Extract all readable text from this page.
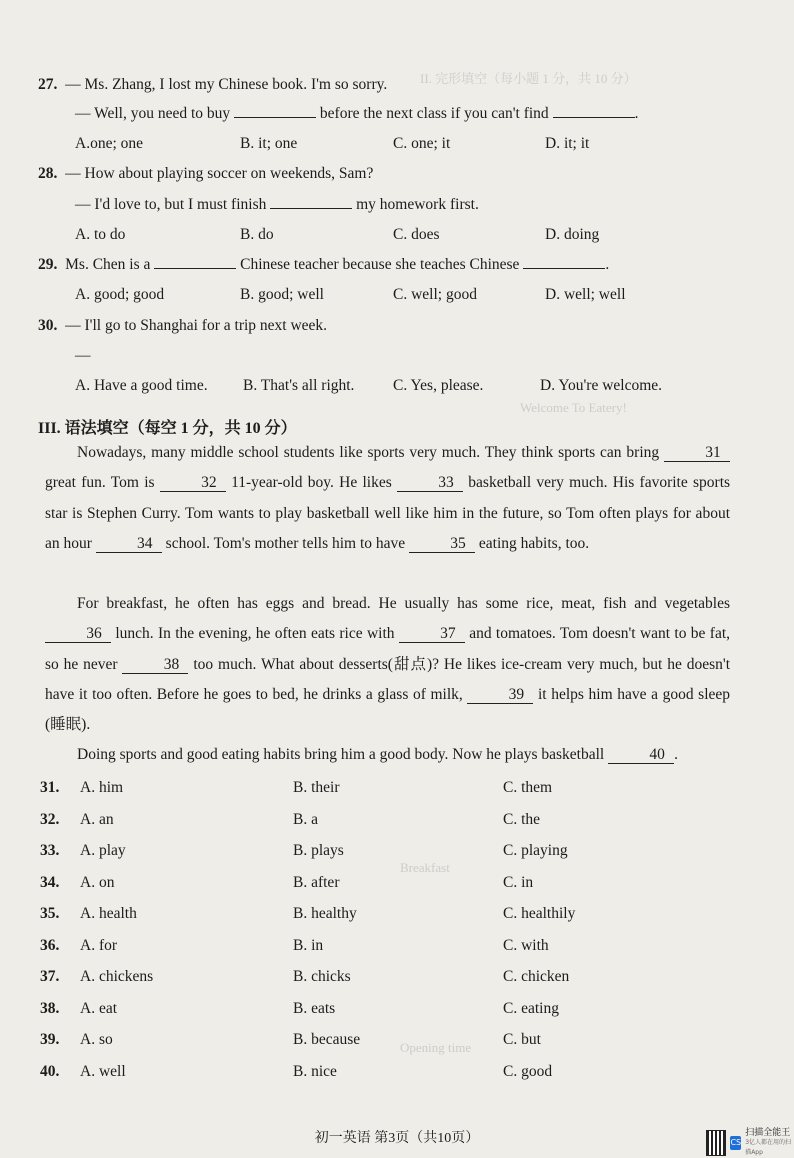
II. 完形填空（每小题 1 分，共 10 分）
Welcome To Eatery!
Breakfast
Opening time
27. — Ms. Zhang, I lost my Chinese book. I'm so sorry.
— Well, you need to buy	before the next class if you can't find	.
A.one; one	B. it; one	C. one; it	D. it; it
28. — How about playing soccer on weekends, Sam?
— I'd love to, but I must finish	my homework first.
A. to do	B. do	C. does	D. doing
29. Ms. Chen is a	Chinese teacher because she teaches Chinese	.
A. good; good	B. good; well	C. well; good	D. well; well
30. — I'll go to Shanghai for a trip next week.
—
A. Have a good time. B. That's all right. C. Yes, please.	D. You're welcome.
III. 语法填空（每空 1 分，共 10 分）
Nowadays, many middle school students like sports very much. They think sports can bring	31 great fun. Tom is	32 11-year-old boy. He likes	33 basketball very much. His favorite sports star is Stephen Curry. Tom wants to play basketball well like him in the future, so Tom often plays for about an hour	34 school. Tom's mother tells him to have	35 eating habits, too.
For breakfast, he often has eggs and bread. He usually has some rice, meat, fish and vegetables 36 lunch. In the evening, he often eats rice with	37 and tomatoes. Tom doesn't want to be fat, so he never	38 too much. What about desserts(甜点)? He likes ice-cream very much, but he doesn't have it too often. Before he goes to bed, he drinks a glass of milk,	39 it helps him have a good sleep (睡眠).
Doing sports and good eating habits bring him a good body. Now he plays basketball	40 .
31. A. him	B. their	C. them
32. A. an	B. a	C. the
33. A. play	B. plays	C. playing
34. A. on	B. after	C. in
35. A. health	B. healthy	C. healthily
36. A. for	B. in	C. with
37. A. chickens	B. chicks	C. chicken
38. A. eat	B. eats	C. eating
39. A. so	B. because	C. but
40. A. well	B. nice	C. good
初一英语 第3页（共10页）	CS
扫描全能王
3亿人都在用的扫描App
